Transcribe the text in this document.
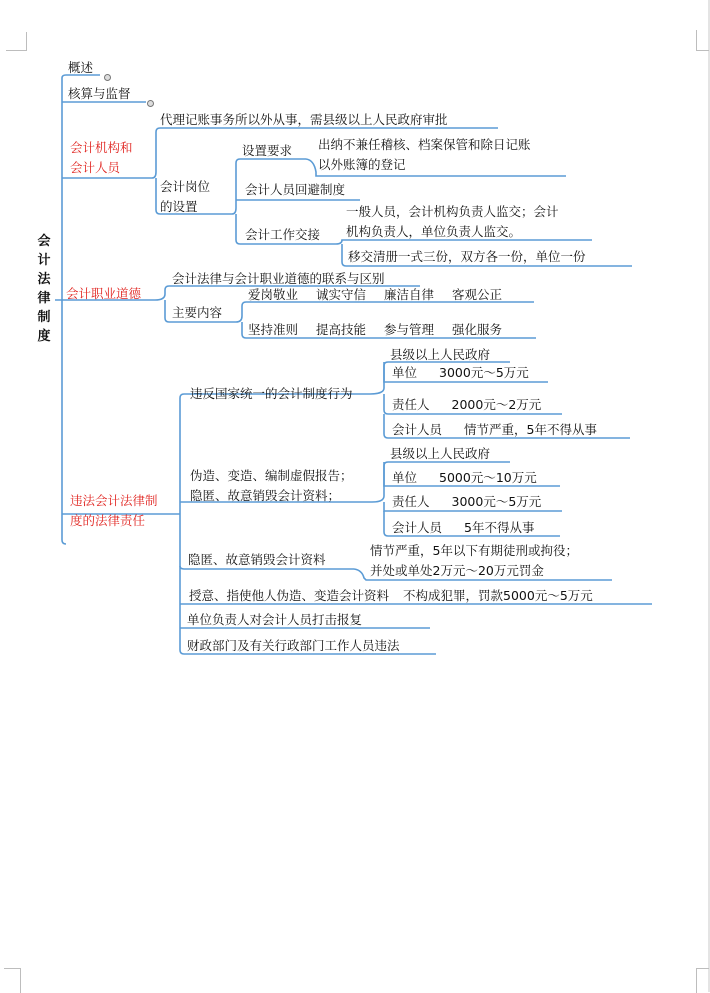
会
计
法
律
制
度
概述
核算与监督
会计机构和
会计人员
代理记账事务所以外从事，需县级以上人民政府审批
会计岗位
的设置
设置要求 出纳不兼任稽核、档案保管和除日记账
以外账簿的登记
会计人员回避制度
会计工作交接
一般人员，会计机构负责人监交；会计
机构负责人，单位负责人监交。
移交清册一式三份，双方各一份，单位一份
会计职业道德
会计法律与会计职业道德的联系与区别
主要内容
爱岗敬业 诚实守信 廉洁自律 客观公正
坚持准则 提高技能 参与管理 强化服务
违法会计法律制
度的法律责任
违反国家统一的会计制度行为
县级以上人民政府
单位 3000元～5万元
责任人 2000元～2万元
会计人员 情节严重，5年不得从事
伪造、变造、编制虚假报告；
隐匿、故意销毁会计资料；
县级以上人民政府
单位 5000元～10万元
责任人 3000元～5万元
会计人员 5年不得从事
隐匿、故意销毁会计资料
情节严重，5年以下有期徒刑或拘役；
并处或单处2万元～20万元罚金
授意、指使他人伪造、变造会计资料 不构成犯罪，罚款5000元～5万元
单位负责人对会计人员打击报复
财政部门及有关行政部门工作人员违法
